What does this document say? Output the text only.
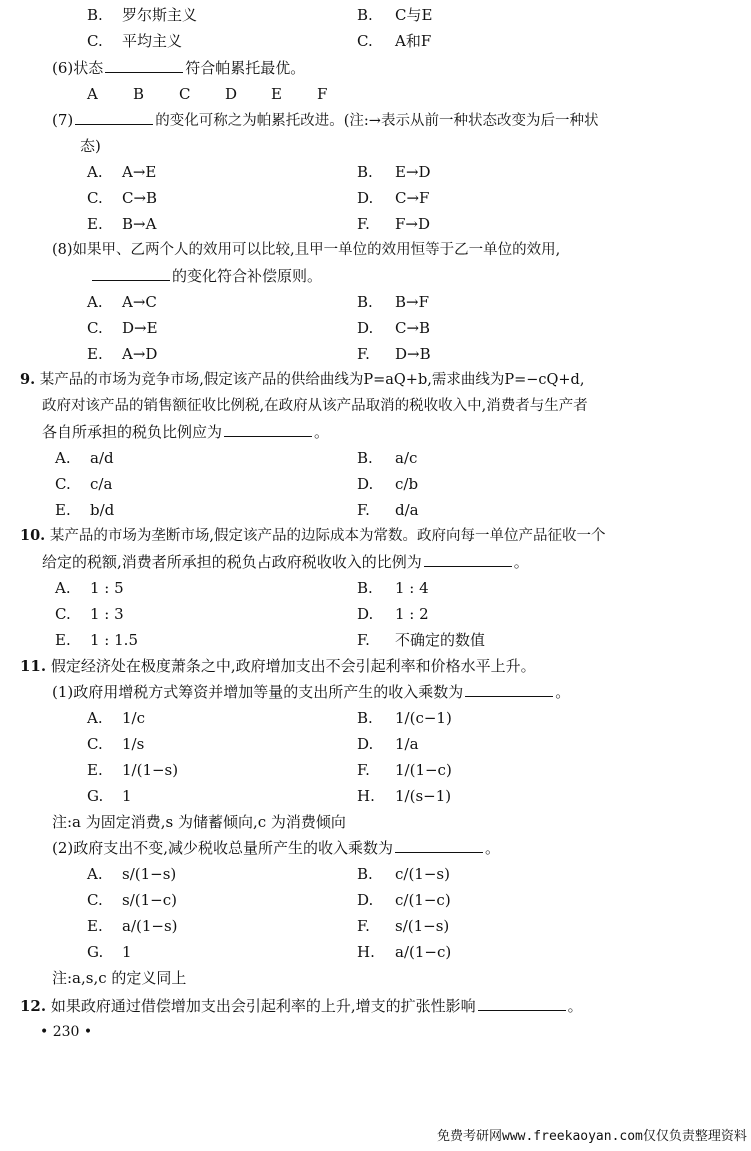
B. 罗尔斯主义	B. C与E
C. 平均主义	C. A和F
(6)状态	符合帕累托最优。
A B C D E F
(7)	的变化可称之为帕累托改进。(注:→表示从前一种状态改变为后一种状
态)
A. A→E	B. E→D
C. C→B	D. C→F
E. B→A	F. F→D
(8)如果甲、乙两个人的效用可以比较,且甲一单位的效用恒等于乙一单位的效用,
的变化符合补偿原则。
A. A→C	B. B→F
C. D→E	D. C→B
E. A→D	F. D→B
9. 某产品的市场为竞争市场,假定该产品的供给曲线为P=aQ+b,需求曲线为P=−cQ+d,
政府对该产品的销售额征收比例税,在政府从该产品取消的税收收入中,消费者与生产者
各自所承担的税负比例应为	。
A. a/d	B. a/c
C. c/a	D. c/b
E. b/d	F. d/a
10. 某产品的市场为垄断市场,假定该产品的边际成本为常数。政府向每一单位产品征收一个
给定的税额,消费者所承担的税负占政府税收收入的比例为	。
A. 1 : 5	B. 1 : 4
C. 1 : 3	D. 1 : 2
E. 1 : 1.5	F. 不确定的数值
11. 假定经济处在极度萧条之中,政府增加支出不会引起利率和价格水平上升。
(1)政府用增税方式筹资并增加等量的支出所产生的收入乘数为	。
A. 1/c	B. 1/(c−1)
C. 1/s	D. 1/a
E. 1/(1−s)	F. 1/(1−c)
G. 1	H. 1/(s−1)
注:a 为固定消费,s 为储蓄倾向,c 为消费倾向
(2)政府支出不变,减少税收总量所产生的收入乘数为	。
A. s/(1−s)	B. c/(1−s)
C. s/(1−c)	D. c/(1−c)
E. a/(1−s)	F. s/(1−s)
G. 1	H. a/(1−c)
注:a,s,c 的定义同上
12. 如果政府通过借偿增加支出会引起利率的上升,增支的扩张性影响	。
• 230 •
免费考研网www.freekaoyan.com仅仅负责整理资料
